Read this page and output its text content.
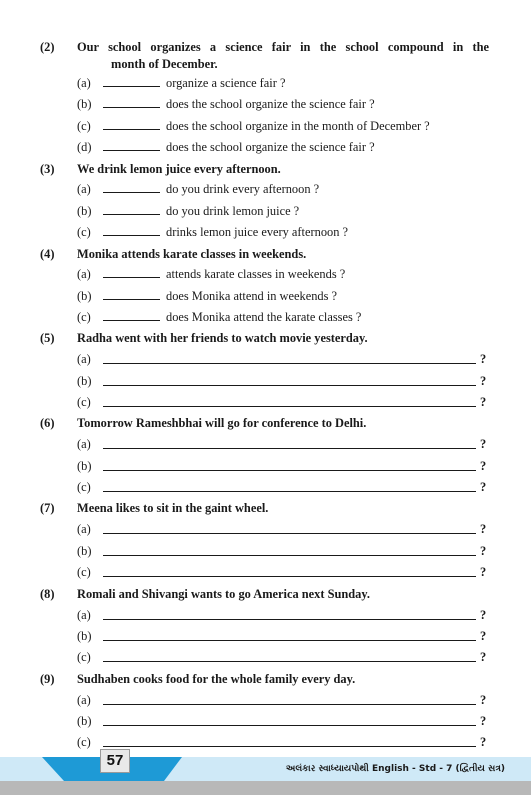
(2) Our school organizes a science fair in the school compound in the
month of December.
(a)	organize a science fair ?
(b)	does the school organize the science fair ?
(c)	does the school organize in the month of December ?
(d)	does the school organize the science fair ?
(3) We drink lemon juice every afternoon.
(a)	do you drink every afternoon ?
(b)	do you drink lemon juice ?
(c)	drinks lemon juice every afternoon ?
(4) Monika attends karate classes in weekends.
(a)	attends karate classes in weekends ?
(b)	does Monika attend in weekends ?
(c)	does Monika attend the karate classes ?
(5) Radha went with her friends to watch movie yesterday.
(a)	?
(b)	?
(c)	?
(6) Tomorrow Rameshbhai will go for conference to Delhi.
(a)	?
(b)	?
(c)	?
(7) Meena likes to sit in the gaint wheel.
(a)	?
(b)	?
(c)	?
(8) Romali and Shivangi wants to go America next Sunday.
(a)	?
(b)	?
(c)	?
(9) Sudhaben cooks food for the whole family every day.
(a)	?
(b)	?
(c)	?
57	અલંકાર સ્વાધ્યાયપોથી English - Std - 7 (દ્વિતીય સત્ર)
